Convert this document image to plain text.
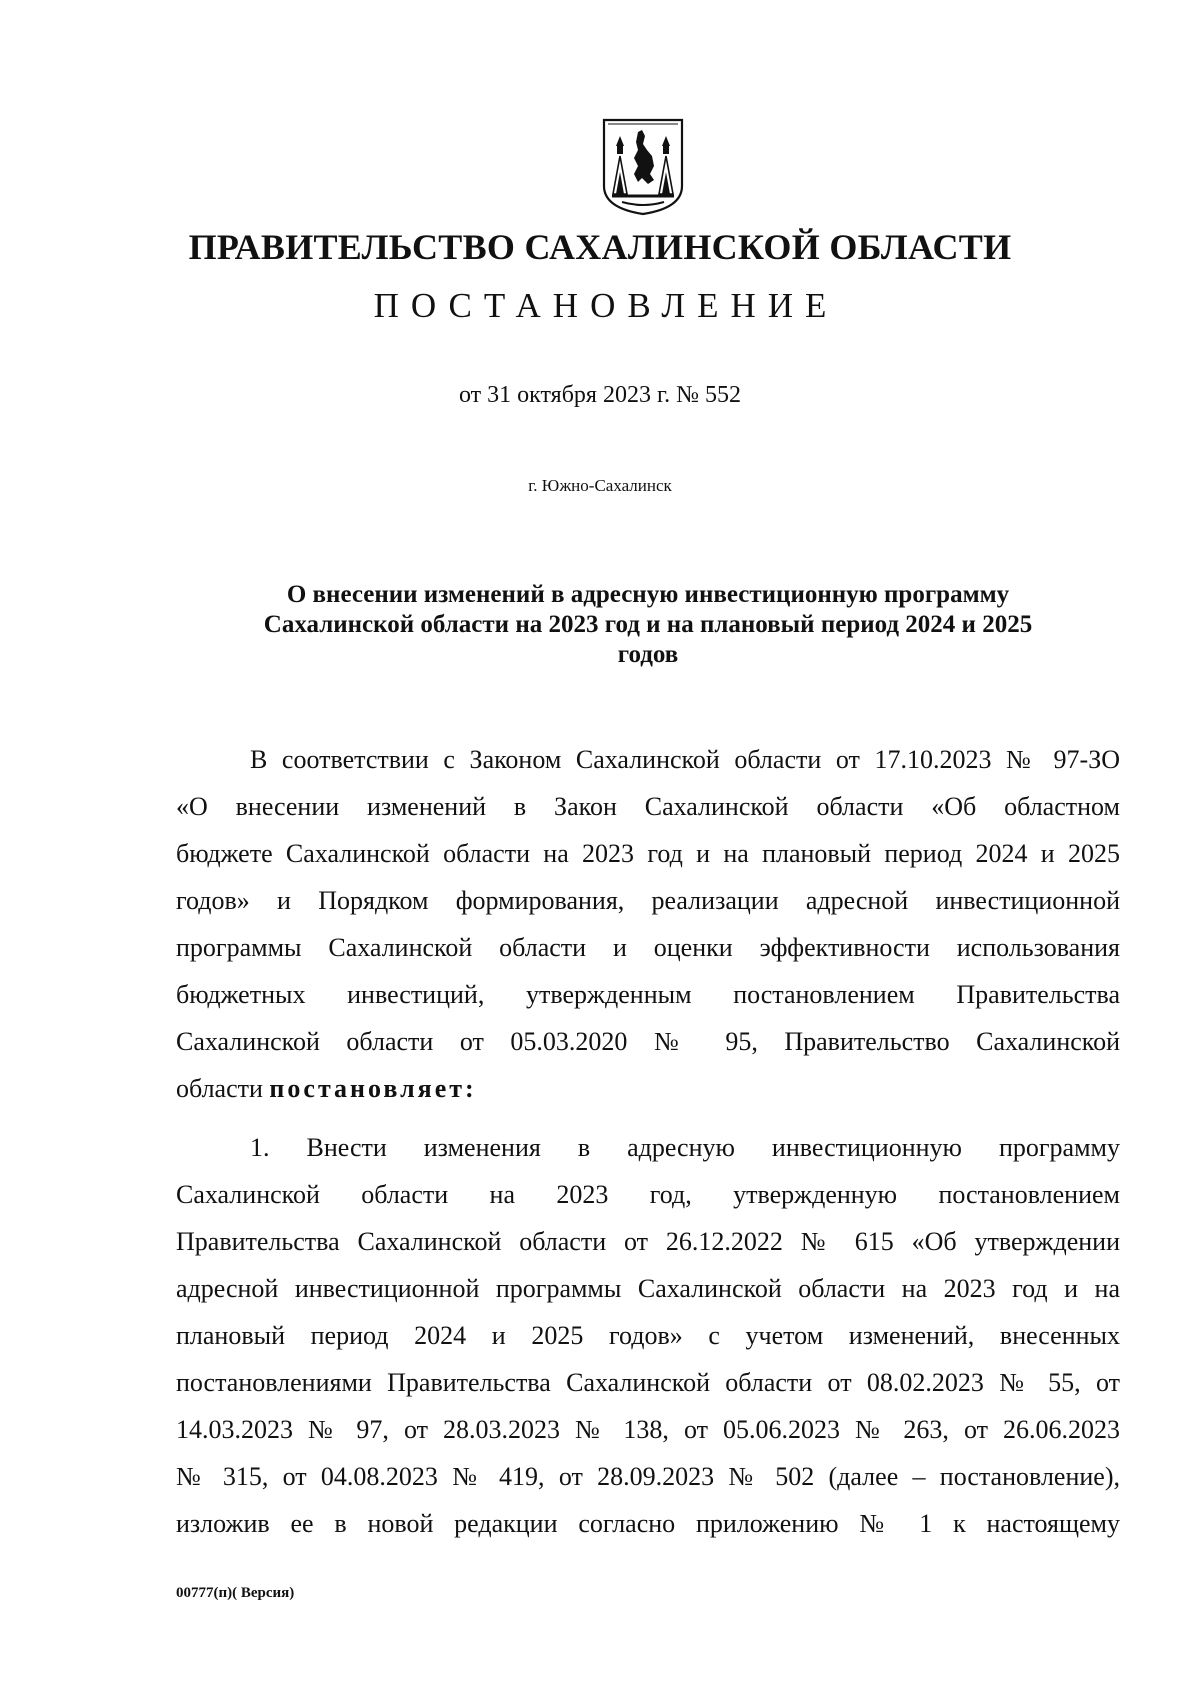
ПРАВИТЕЛЬСТВО САХАЛИНСКОЙ ОБЛАСТИ
ПОСТАНОВЛЕНИЕ
от 31 октября 2023 г. № 552
г. Южно-Сахалинск
О внесении изменений в адресную инвестиционную программу
Сахалинской области на 2023 год и на плановый период 2024 и 2025
годов
В соответствии с Законом Сахалинской области от 17.10.2023 № 97-ЗО
«О внесении изменений в Закон Сахалинской области «Об областном
бюджете Сахалинской области на 2023 год и на плановый период 2024 и 2025
годов» и Порядком формирования, реализации адресной инвестиционной
программы Сахалинской области и оценки эффективности использования
бюджетных инвестиций, утвержденным постановлением Правительства
Сахалинской области от 05.03.2020 № 95, Правительство Сахалинской
области постановляет:
1. Внести изменения в адресную инвестиционную программу
Сахалинской области на 2023 год, утвержденную постановлением
Правительства Сахалинской области от 26.12.2022 № 615 «Об утверждении
адресной инвестиционной программы Сахалинской области на 2023 год и на
плановый период 2024 и 2025 годов» с учетом изменений, внесенных
постановлениями Правительства Сахалинской области от 08.02.2023 № 55, от
14.03.2023 № 97, от 28.03.2023 № 138, от 05.06.2023 № 263, от 26.06.2023
№ 315, от 04.08.2023 № 419, от 28.09.2023 № 502 (далее – постановление),
изложив ее в новой редакции согласно приложению № 1 к настоящему
00777(п)( Версия)
